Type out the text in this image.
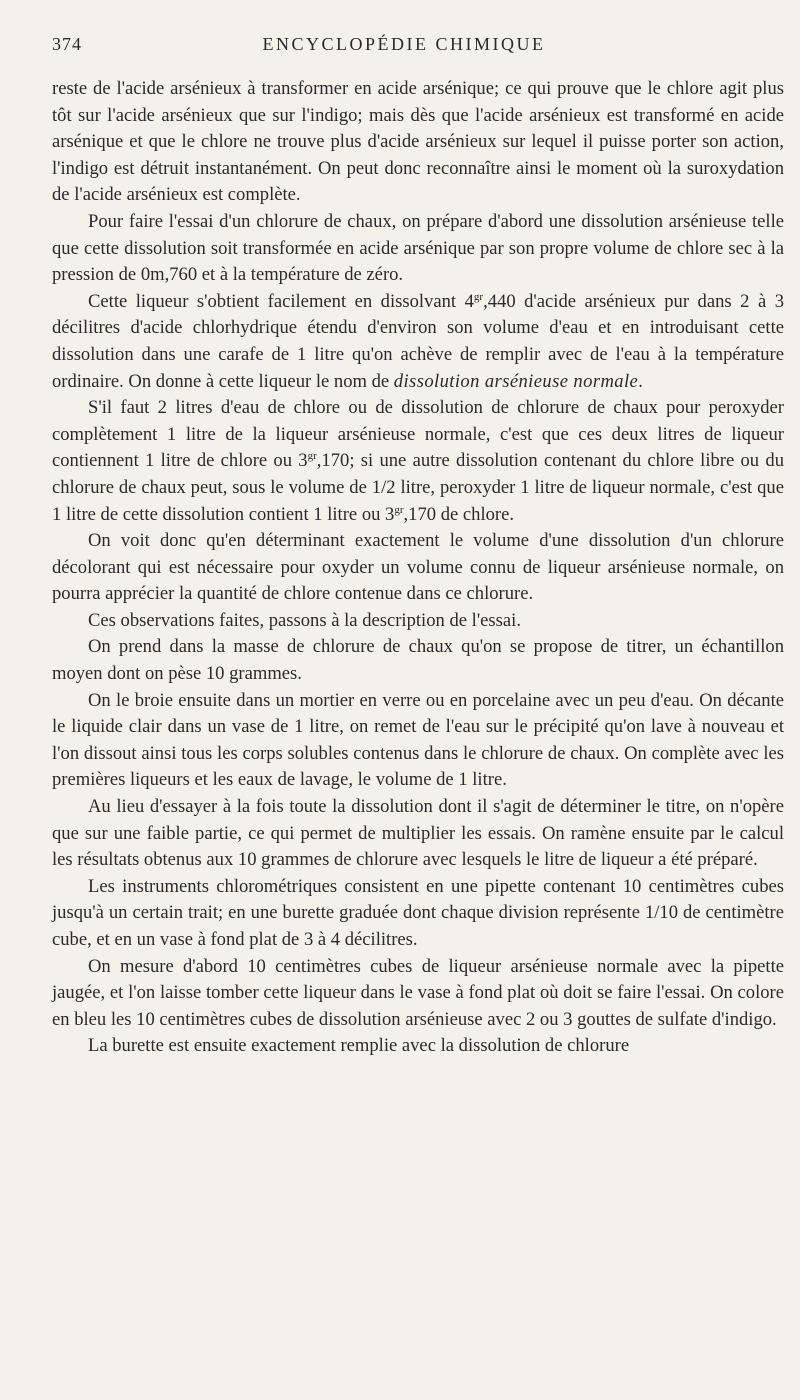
374	ENCYCLOPÉDIE CHIMIQUE

reste de l'acide arsénieux à transformer en acide arsénique; ce qui prouve que le chlore agit plus tôt sur l'acide arsénieux que sur l'indigo; mais dès que l'acide arsénieux est transformé en acide arsénique et que le chlore ne trouve plus d'acide arsénieux sur lequel il puisse porter son action, l'indigo est détruit instantanément. On peut donc reconnaître ainsi le moment où la suroxydation de l'acide arsénieux est complète.

Pour faire l'essai d'un chlorure de chaux, on prépare d'abord une dissolution arsénieuse telle que cette dissolution soit transformée en acide arsénique par son propre volume de chlore sec à la pression de 0m,760 et à la température de zéro.

Cette liqueur s'obtient facilement en dissolvant $4^{gr},440$ d'acide arsénieux pur dans 2 à 3 décilitres d'acide chlorhydrique étendu d'environ son volume d'eau et en introduisant cette dissolution dans une carafe de 1 litre qu'on achève de remplir avec de l'eau à la température ordinaire. On donne à cette liqueur le nom de dissolution arsénieuse normale.

S'il faut 2 litres d'eau de chlore ou de dissolution de chlorure de chaux pour peroxyder complètement 1 litre de la liqueur arsénieuse normale, c'est que ces deux litres de liqueur contiennent 1 litre de chlore ou $3^{gr},170$; si une autre dissolution contenant du chlore libre ou du chlorure de chaux peut, sous le volume de 1/2 litre, peroxyder 1 litre de liqueur normale, c'est que 1 litre de cette dissolution contient 1 litre ou $3^{gr},170$ de chlore.

On voit donc qu'en déterminant exactement le volume d'une dissolution d'un chlorure décolorant qui est nécessaire pour oxyder un volume connu de liqueur arsénieuse normale, on pourra apprécier la quantité de chlore contenue dans ce chlorure.

Ces observations faites, passons à la description de l'essai.

On prend dans la masse de chlorure de chaux qu'on se propose de titrer, un échantillon moyen dont on pèse 10 grammes.

On le broie ensuite dans un mortier en verre ou en porcelaine avec un peu d'eau. On décante le liquide clair dans un vase de 1 litre, on remet de l'eau sur le précipité qu'on lave à nouveau et l'on dissout ainsi tous les corps solubles contenus dans le chlorure de chaux. On complète avec les premières liqueurs et les eaux de lavage, le volume de 1 litre.

Au lieu d'essayer à la fois toute la dissolution dont il s'agit de déterminer le titre, on n'opère que sur une faible partie, ce qui permet de multiplier les essais. On ramène ensuite par le calcul les résultats obtenus aux 10 grammes de chlorure avec lesquels le litre de liqueur a été préparé.

Les instruments chlorométriques consistent en une pipette contenant 10 centimètres cubes jusqu'à un certain trait; en une burette graduée dont chaque division représente 1/10 de centimètre cube, et en un vase à fond plat de 3 à 4 décilitres.

On mesure d'abord 10 centimètres cubes de liqueur arsénieuse normale avec la pipette jaugée, et l'on laisse tomber cette liqueur dans le vase à fond plat où doit se faire l'essai. On colore en bleu les 10 centimètres cubes de dissolution arsénieuse avec 2 ou 3 gouttes de sulfate d'indigo.

La burette est ensuite exactement remplie avec la dissolution de chlorure
